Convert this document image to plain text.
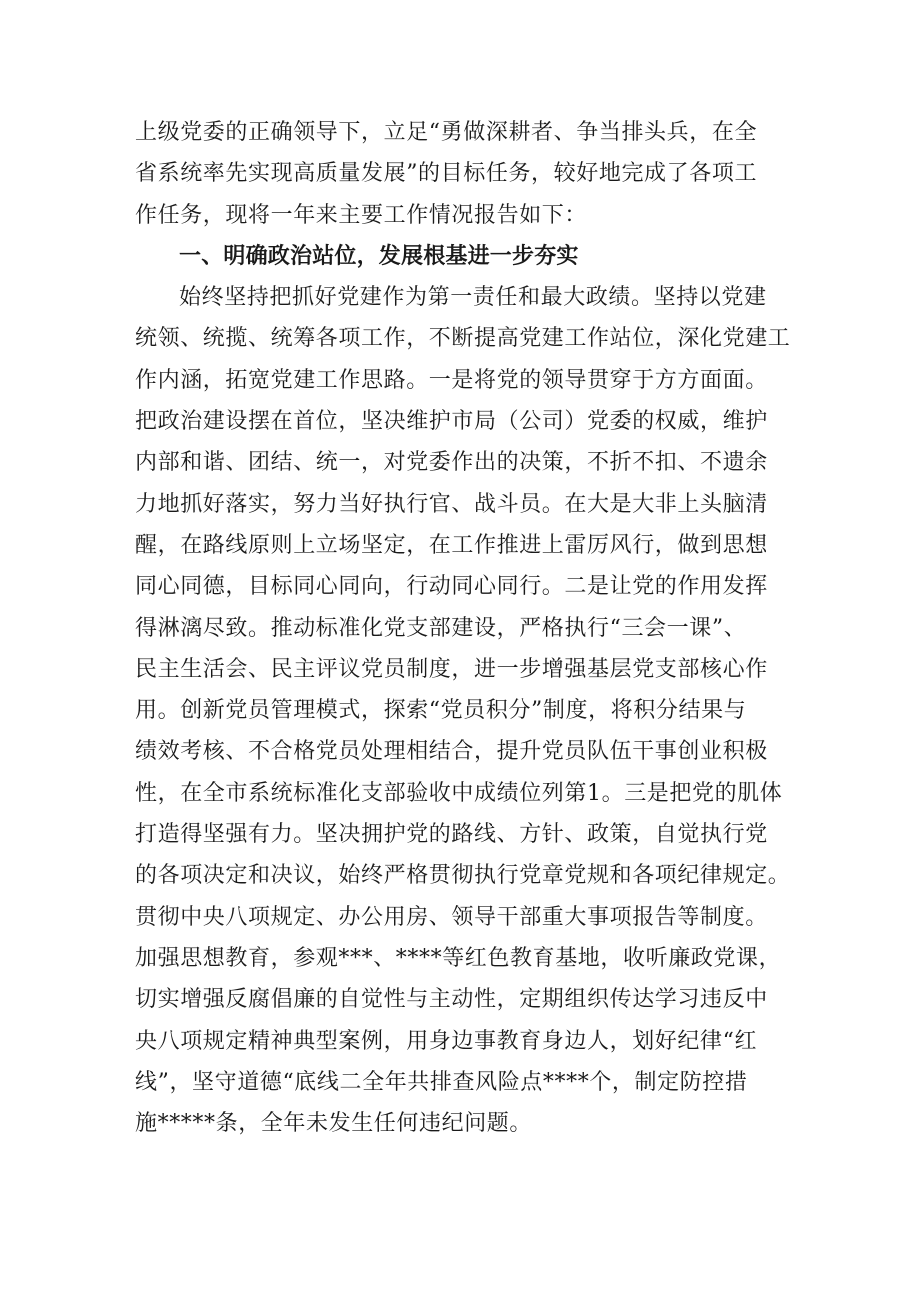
上级党委的正确领导下，立足“勇做深耕者、争当排头兵，在全
省系统率先实现高质量发展”的目标任务，较好地完成了各项工
作任务，现将一年来主要工作情况报告如下：
一、明确政治站位，发展根基进一步夯实
始终坚持把抓好党建作为第一责任和最大政绩。坚持以党建
统领、统揽、统筹各项工作，不断提高党建工作站位，深化党建工
作内涵，拓宽党建工作思路。一是将党的领导贯穿于方方面面。
把政治建设摆在首位，坚决维护市局（公司）党委的权威，维护
内部和谐、团结、统一，对党委作出的决策，不折不扣、不遗余
力地抓好落实，努力当好执行官、战斗员。在大是大非上头脑清
醒，在路线原则上立场坚定，在工作推进上雷厉风行，做到思想
同心同德，目标同心同向，行动同心同行。二是让党的作用发挥
得淋漓尽致。推动标准化党支部建设，严格执行“三会一课”、
民主生活会、民主评议党员制度，进一步增强基层党支部核心作
用。创新党员管理模式，探索“党员积分”制度，将积分结果与
绩效考核、不合格党员处理相结合，提升党员队伍干事创业积极
性，在全市系统标准化支部验收中成绩位列第1。三是把党的肌体
打造得坚强有力。坚决拥护党的路线、方针、政策，自觉执行党
的各项决定和决议，始终严格贯彻执行党章党规和各项纪律规定。
贯彻中央八项规定、办公用房、领导干部重大事项报告等制度。
加强思想教育，参观***、****等红色教育基地，收听廉政党课，
切实增强反腐倡廉的自觉性与主动性，定期组织传达学习违反中
央八项规定精神典型案例，用身边事教育身边人，划好纪律“红
线”，坚守道德“底线二全年共排查风险点****个，制定防控措
施*****条，全年未发生任何违纪问题。
